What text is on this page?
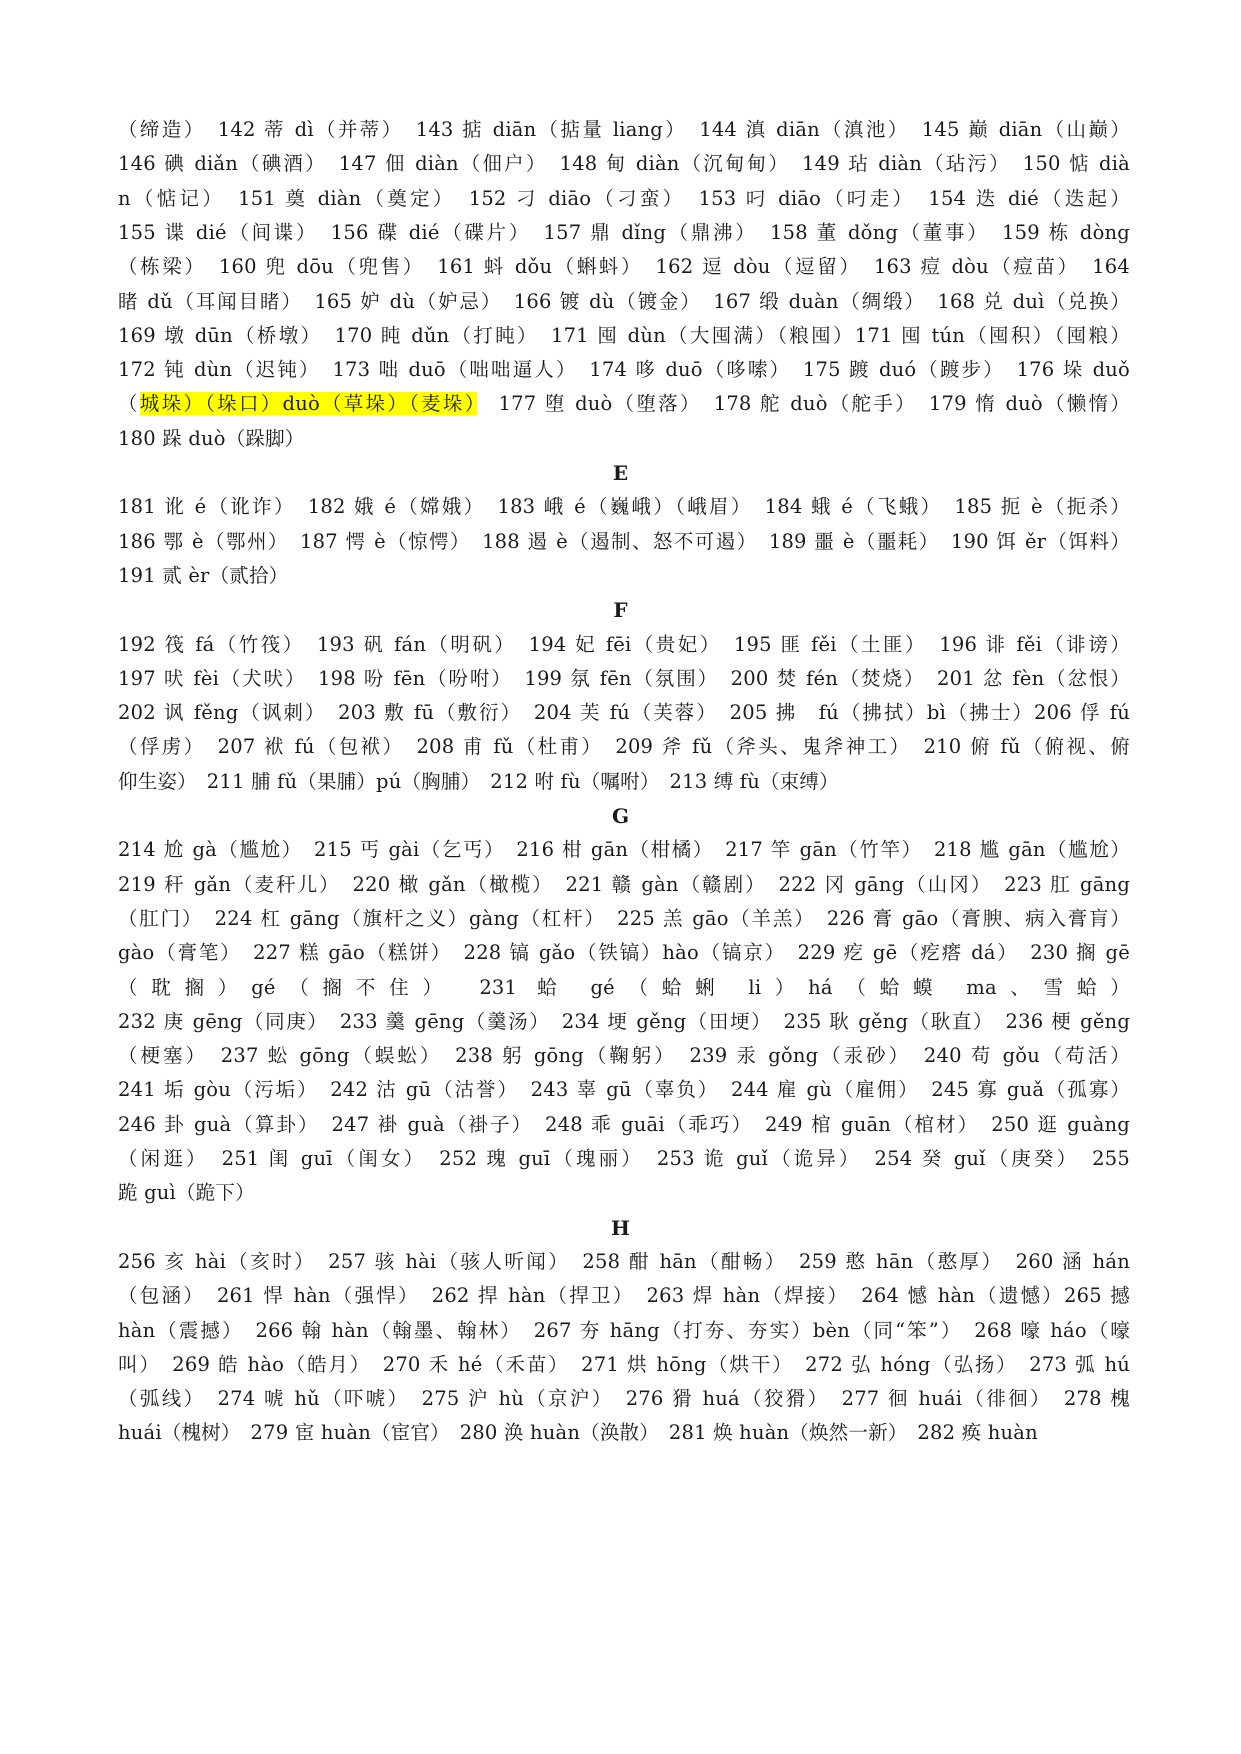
（缔造）　142 蒂 dì（并蒂）　143 掂 diān（掂量 liang）　144 滇 diān（滇池）　145 巅 diān（山巅）
146 碘 diǎn（碘酒）　147 佃 diàn（佃户）　148 甸 diàn（沉甸甸）　149 玷 diàn（玷污）　150 惦 dià
n（惦记）　151 奠 diàn（奠定）　152 刁 diāo（刁蛮）　153 叼 diāo（叼走）　154 迭 dié（迭起）
155 谍 dié（间谍）　156 碟 dié（碟片）　157 鼎 dǐng（鼎沸）　158 董 dǒng（董事）　159 栋 dòng
（栋梁）　160 兜 dōu（兜售）　161 蚪 dǒu（蝌蚪）　162 逗 dòu（逗留）　163 痘 dòu（痘苗）　164
睹 dǔ（耳闻目睹）　165 妒 dù（妒忌）　166 镀 dù（镀金）　167 缎 duàn（绸缎）　168 兑 duì（兑换）
169 墩 dūn（桥墩）　170 盹 dǔn（打盹）　171 囤 dùn（大囤满）（粮囤）171 囤 tún（囤积）（囤粮）
172 钝 dùn（迟钝）　173 咄 duō（咄咄逼人）　174 哆 duō（哆嗦）　175 踱 duó（踱步）　176 垛 duǒ
（城垛）（垛口）duò（草垛）（麦垛）　177 堕 duò（堕落）　178 舵 duò（舵手）　179 惰 duò（懒惰）
180 跺 duò（跺脚）
E
181 讹 é（讹诈）　182 娥 é（嫦娥）　183 峨 é（巍峨）（峨眉）　184 蛾 é（飞蛾）　185 扼 è（扼杀）
186 鄂 è（鄂州）　187 愕 è（惊愕）　188 遏 è（遏制、怒不可遏）　189 噩 è（噩耗）　190 饵 ěr（饵料）
191 贰 èr（贰拾）
F
192 筏 fá（竹筏）　193 矾 fán（明矾）　194 妃 fēi（贵妃）　195 匪 fěi（土匪）　196 诽 fěi（诽谤）
197 吠 fèi（犬吠）　198 吩 fēn（吩咐）　199 氛 fēn（氛围）　200 焚 fén（焚烧）　201 忿 fèn（忿恨）
202 讽 fěng（讽刺）　203 敷 fū（敷衍）　204 芙 fú（芙蓉）　205 拂　fú（拂拭）bì（拂士）206 俘 fú
（俘虏）　207 袱 fú（包袱）　208 甫 fǔ（杜甫）　209 斧 fǔ（斧头、鬼斧神工）　210 俯 fǔ（俯视、俯
仰生姿）　211 脯 fǔ（果脯）pú（胸脯）　212 咐 fù（嘱咐）　213 缚 fù（束缚）
G
214 尬 gà（尴尬）　215 丐 gài（乞丐）　216 柑 gān（柑橘）　217 竿 gān（竹竿）　218 尴 gān（尴尬）
219 秆 gǎn（麦秆儿）　220 橄 gǎn（橄榄）　221 赣 gàn（赣剧）　222 冈 gāng（山冈）　223 肛 gāng
（肛门）　224 杠 gāng（旗杆之义）gàng（杠杆）　225 羔 gāo（羊羔）　226 膏 gāo（膏腴、病入膏肓）
gào（膏笔）　227 糕 gāo（糕饼）　228 镐 gǎo（铁镐）hào（镐京）　229 疙 gē（疙瘩 dá）　230 搁 gē
（耽搁）gé（搁不住）　231 蛤 gé（蛤蜊 li）há（蛤蟆 ma、雪蛤）
232 庚 gēng（同庚）　233 羹 gēng（羹汤）　234 埂 gěng（田埂）　235 耿 gěng（耿直）　236 梗 gěng
（梗塞）　237 蚣 gōng（蜈蚣）　238 躬 gōng（鞠躬）　239 汞 gǒng（汞砂）　240 苟 gǒu（苟活）
241 垢 gòu（污垢）　242 沽 gū（沽誉）　243 辜 gū（辜负）　244 雇 gù（雇佣）　245 寡 guǎ（孤寡）
246 卦 guà（算卦）　247 褂 guà（褂子）　248 乖 guāi（乖巧）　249 棺 guān（棺材）　250 逛 guàng
（闲逛）　251 闺 guī（闺女）　252 瑰 guī（瑰丽）　253 诡 guǐ（诡异）　254 癸 guǐ（庚癸）　255
跪 guì（跪下）
H
256 亥 hài（亥时）　257 骇 hài（骇人听闻）　258 酣 hān（酣畅）　259 憨 hān（憨厚）　260 涵 hán
（包涵）　261 悍 hàn（强悍）　262 捍 hàn（捍卫）　263 焊 hàn（焊接）　264 憾 hàn（遗憾）265 撼
hàn（震撼）　266 翰 hàn（翰墨、翰林）　267 夯 hāng（打夯、夯实）bèn（同“笨”）　268 嚎 háo（嚎
叫）　269 皓 hào（皓月）　270 禾 hé（禾苗）　271 烘 hōng（烘干）　272 弘 hóng（弘扬）　273 弧 hú
（弧线）　274 唬 hǔ（吓唬）　275 沪 hù（京沪）　276 猾 huá（狡猾）　277 徊 huái（徘徊）　278 槐
huái（槐树）　279 宦 huàn（宦官）　280 涣 huàn（涣散）　281 焕 huàn（焕然一新）　282 痪 huàn
